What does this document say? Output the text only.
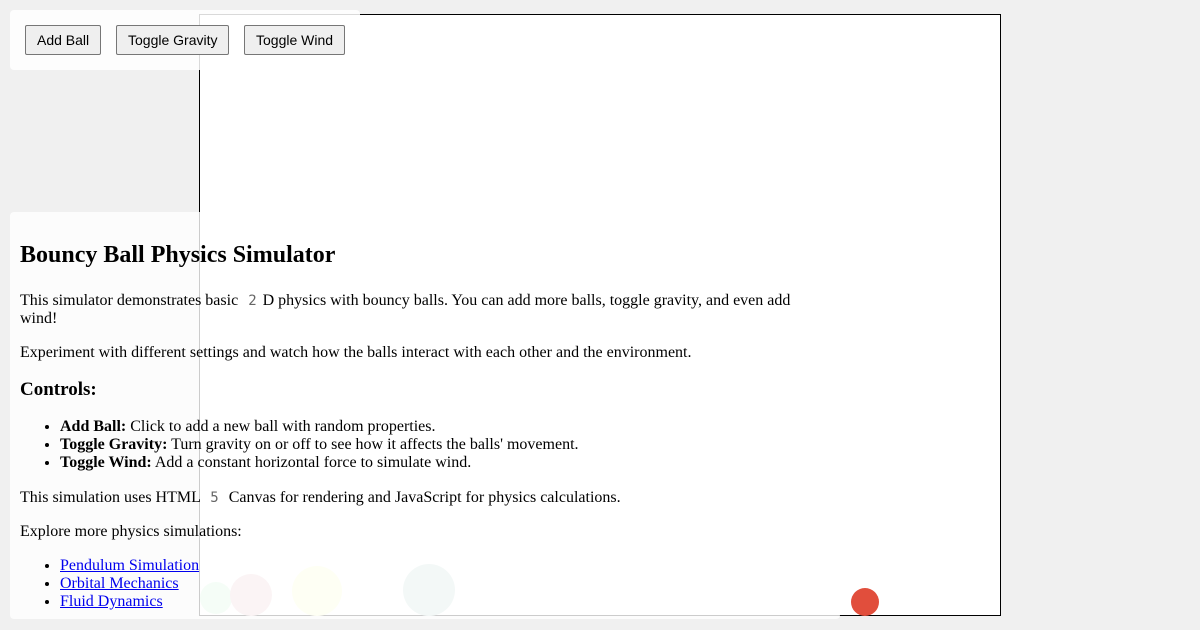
Add Ball	Toggle Gravity	Toggle Wind
Bouncy Ball Physics Simulator

This simulator demonstrates basic 2 D physics with bouncy balls. You can add more balls, toggle gravity, and even add wind!

Experiment with different settings and watch how the balls interact with each other and the environment.

Controls:
• Add Ball: Click to add a new ball with random properties.
• Toggle Gravity: Turn gravity on or off to see how it affects the balls' movement.
• Toggle Wind: Add a constant horizontal force to simulate wind.

This simulation uses HTML 5 Canvas for rendering and JavaScript for physics calculations.

Explore more physics simulations:

• Pendulum Simulation
• Orbital Mechanics
• Fluid Dynamics
